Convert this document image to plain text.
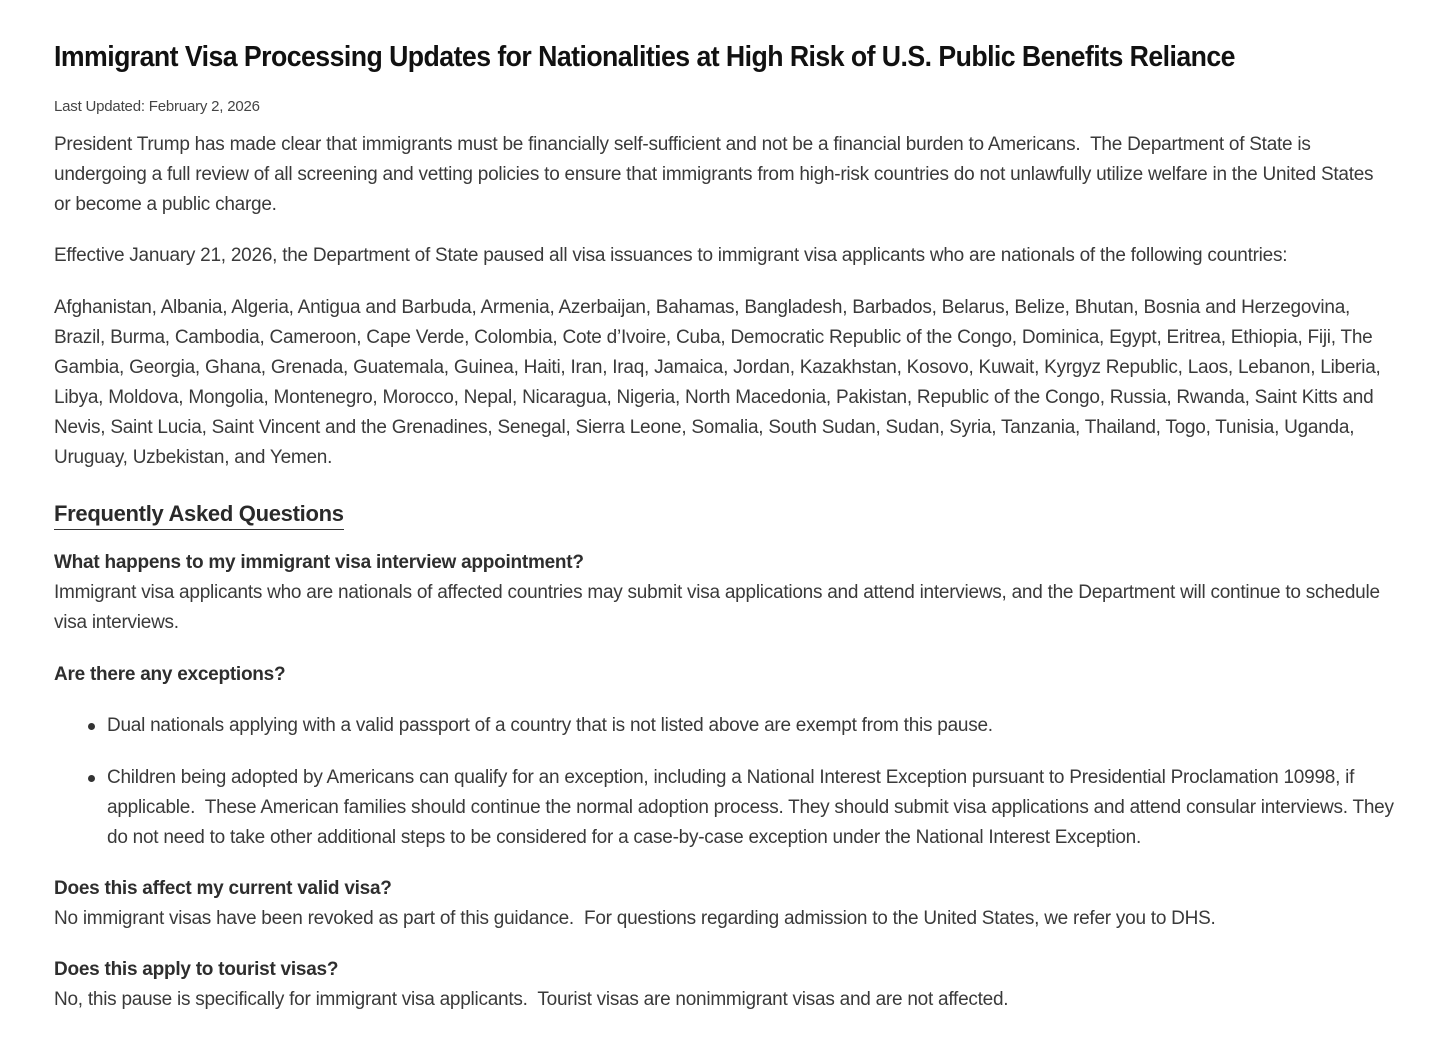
Immigrant Visa Processing Updates for Nationalities at High Risk of U.S. Public Benefits Reliance

Last Updated: February 2, 2026

President Trump has made clear that immigrants must be financially self-sufficient and not be a financial burden to Americans.  The Department of State is undergoing a full review of all screening and vetting policies to ensure that immigrants from high-risk countries do not unlawfully utilize welfare in the United States or become a public charge.

Effective January 21, 2026, the Department of State paused all visa issuances to immigrant visa applicants who are nationals of the following countries:

Afghanistan, Albania, Algeria, Antigua and Barbuda, Armenia, Azerbaijan, Bahamas, Bangladesh, Barbados, Belarus, Belize, Bhutan, Bosnia and Herzegovina, Brazil, Burma, Cambodia, Cameroon, Cape Verde, Colombia, Cote d’Ivoire, Cuba, Democratic Republic of the Congo, Dominica, Egypt, Eritrea, Ethiopia, Fiji, The Gambia, Georgia, Ghana, Grenada, Guatemala, Guinea, Haiti, Iran, Iraq, Jamaica, Jordan, Kazakhstan, Kosovo, Kuwait, Kyrgyz Republic, Laos, Lebanon, Liberia, Libya, Moldova, Mongolia, Montenegro, Morocco, Nepal, Nicaragua, Nigeria, North Macedonia, Pakistan, Republic of the Congo, Russia, Rwanda, Saint Kitts and Nevis, Saint Lucia, Saint Vincent and the Grenadines, Senegal, Sierra Leone, Somalia, South Sudan, Sudan, Syria, Tanzania, Thailand, Togo, Tunisia, Uganda, Uruguay, Uzbekistan, and Yemen.

Frequently Asked Questions

What happens to my immigrant visa interview appointment?

Immigrant visa applicants who are nationals of affected countries may submit visa applications and attend interviews, and the Department will continue to schedule visa interviews.

Are there any exceptions?

Dual nationals applying with a valid passport of a country that is not listed above are exempt from this pause.
Children being adopted by Americans can qualify for an exception, including a National Interest Exception pursuant to Presidential Proclamation 10998, if applicable.  These American families should continue the normal adoption process. They should submit visa applications and attend consular interviews. They do not need to take other additional steps to be considered for a case-by-case exception under the National Interest Exception.

Does this affect my current valid visa?

No immigrant visas have been revoked as part of this guidance.  For questions regarding admission to the United States, we refer you to DHS.

Does this apply to tourist visas?

No, this pause is specifically for immigrant visa applicants.  Tourist visas are nonimmigrant visas and are not affected.
